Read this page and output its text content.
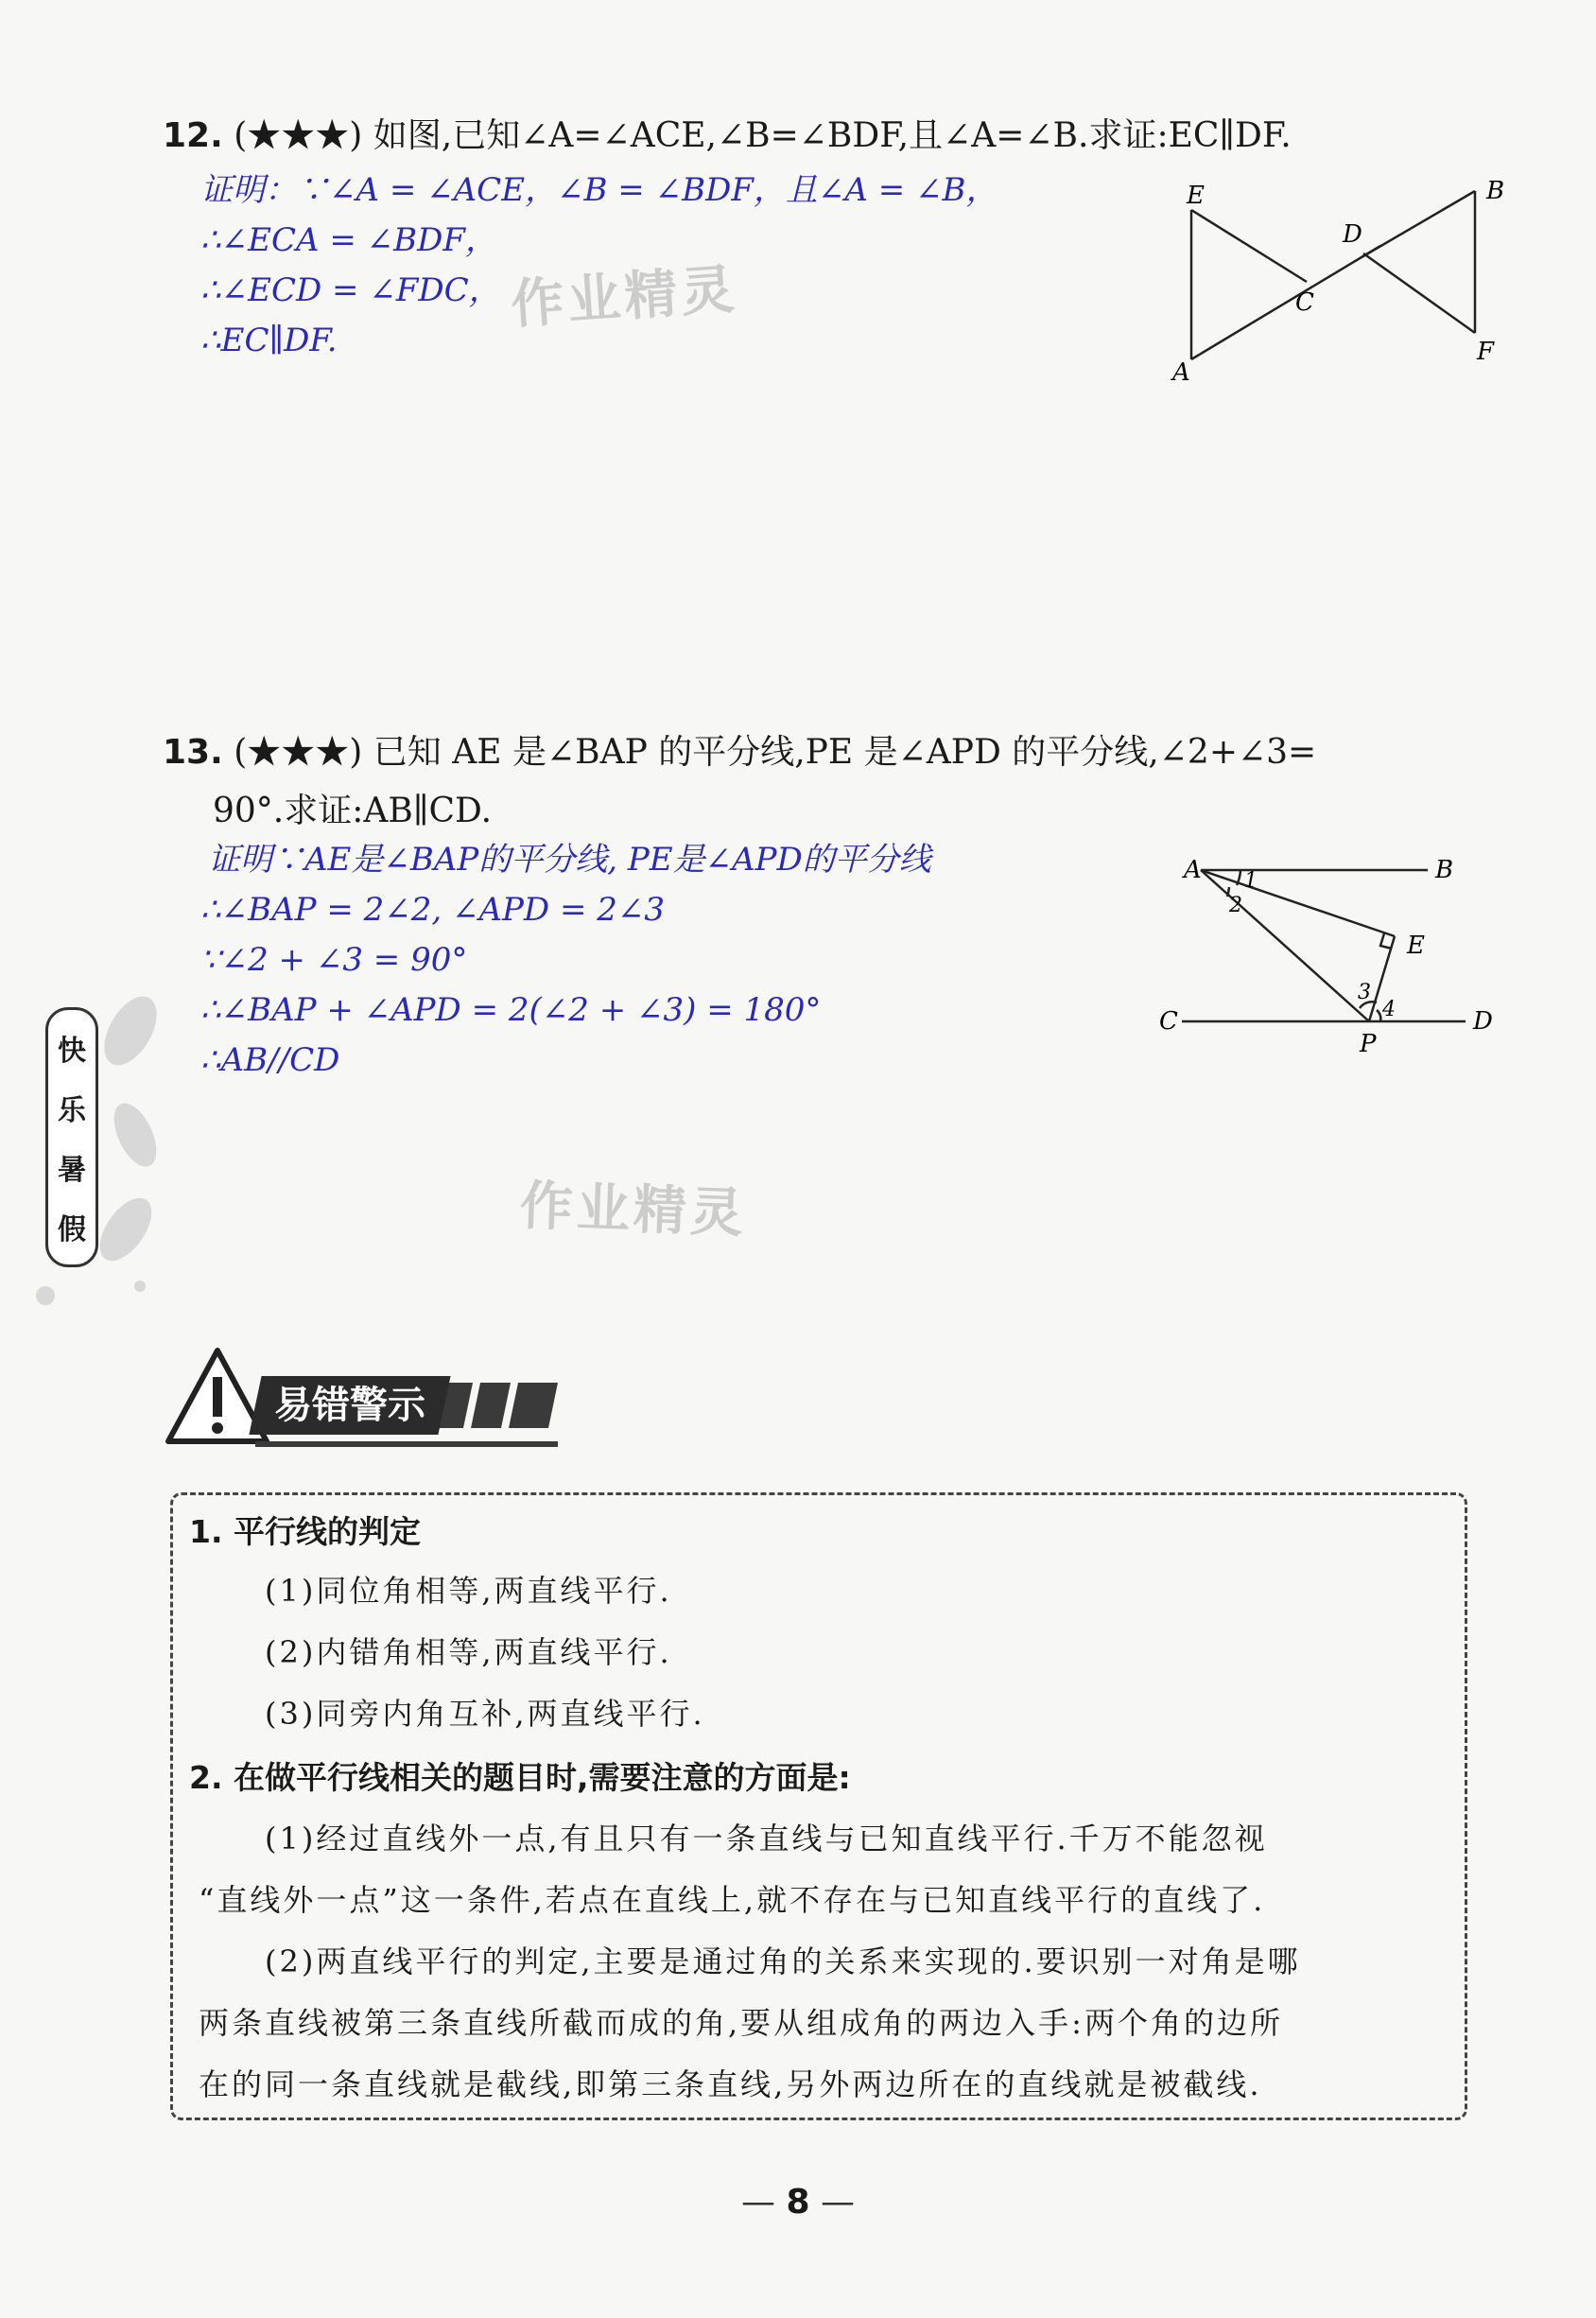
12. (★★★) 如图,已知∠A=∠ACE,∠B=∠BDF,且∠A=∠B.求证:EC∥DF.
证明：∵∠A = ∠ACE，∠B = ∠BDF，且∠A = ∠B，
∴∠ECA = ∠BDF，
∴∠ECD = ∠FDC，
∴EC∥DF.
作业精灵
E	B
D
C
A
F
13. (★★★) 已知 AE 是∠BAP 的平分线,PE 是∠APD 的平分线,∠2+∠3=
90°.求证:AB∥CD.
证明∵AE是∠BAP的平分线, PE是∠APD的平分线
∴∠BAP = 2∠2, ∠APD = 2∠3
∵∠2 + ∠3 = 90°
∴∠BAP + ∠APD = 2(∠2 + ∠3) = 180°
∴AB//CD
作业精灵
A	B
E
C	D
P
1
2
3
4
快
乐
暑
假
易错警示
1. 平行线的判定
(1)同位角相等,两直线平行.
(2)内错角相等,两直线平行.
(3)同旁内角互补,两直线平行.
2. 在做平行线相关的题目时,需要注意的方面是:
(1)经过直线外一点,有且只有一条直线与已知直线平行.千万不能忽视
“直线外一点”这一条件,若点在直线上,就不存在与已知直线平行的直线了.
(2)两直线平行的判定,主要是通过角的关系来实现的.要识别一对角是哪
两条直线被第三条直线所截而成的角,要从组成角的两边入手:两个角的边所
在的同一条直线就是截线,即第三条直线,另外两边所在的直线就是被截线.
— 8 —
